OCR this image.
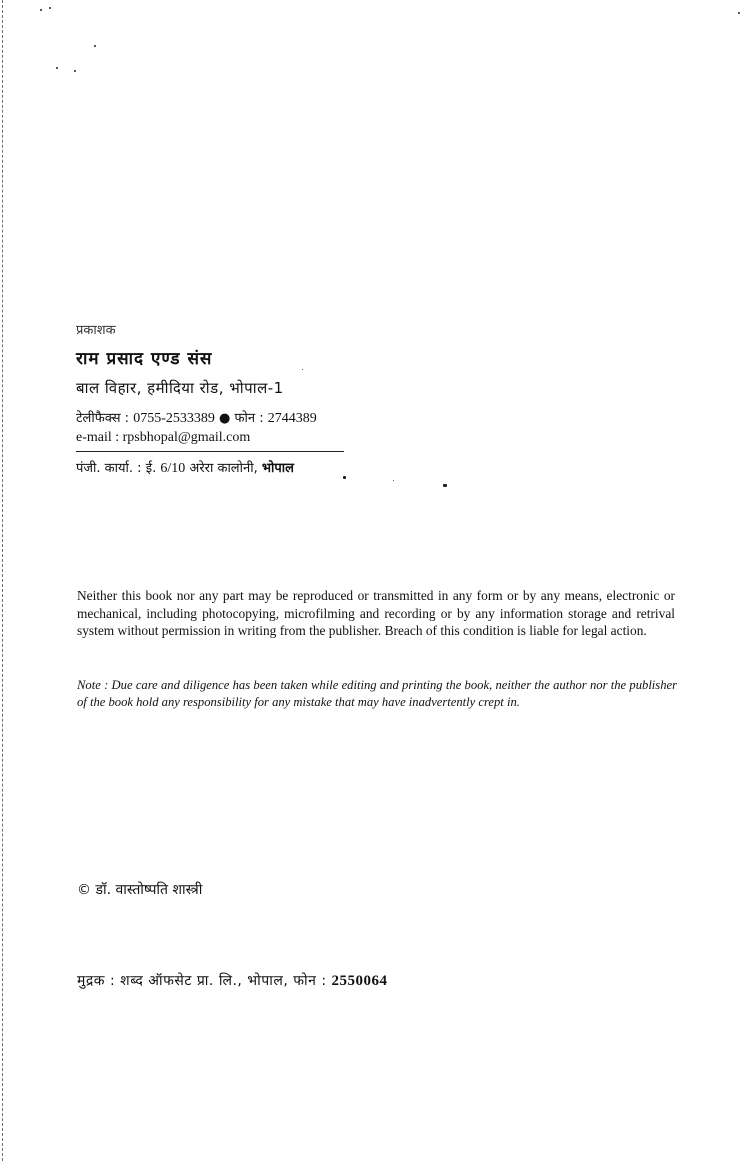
प्रकाशक
राम प्रसाद एण्ड संस
बाल विहार, हमीदिया रोड, भोपाल-1
टेलीफैक्स : 0755-2533389 ● फोन : 2744389
e-mail : rpsbhopal@gmail.com
पंजी. कार्या. : ई. 6/10 अरेरा कालोनी, भोपाल

Neither this book nor any part may be reproduced or transmitted in any form or by any means, electronic or mechanical, including photocopying, microfilming and recording or by any information storage and retrival system without permission in writing from the publisher. Breach of this condition is liable for legal action.

Note : Due care and diligence has been taken while editing and printing the book, neither the author nor the publisher of the book hold any responsibility for any mistake that may have inadvertently crept in.

© डॉ. वास्तोष्पति शास्त्री
मुद्रक : शब्द ऑफसेट प्रा. लि., भोपाल, फोन : 2550064
